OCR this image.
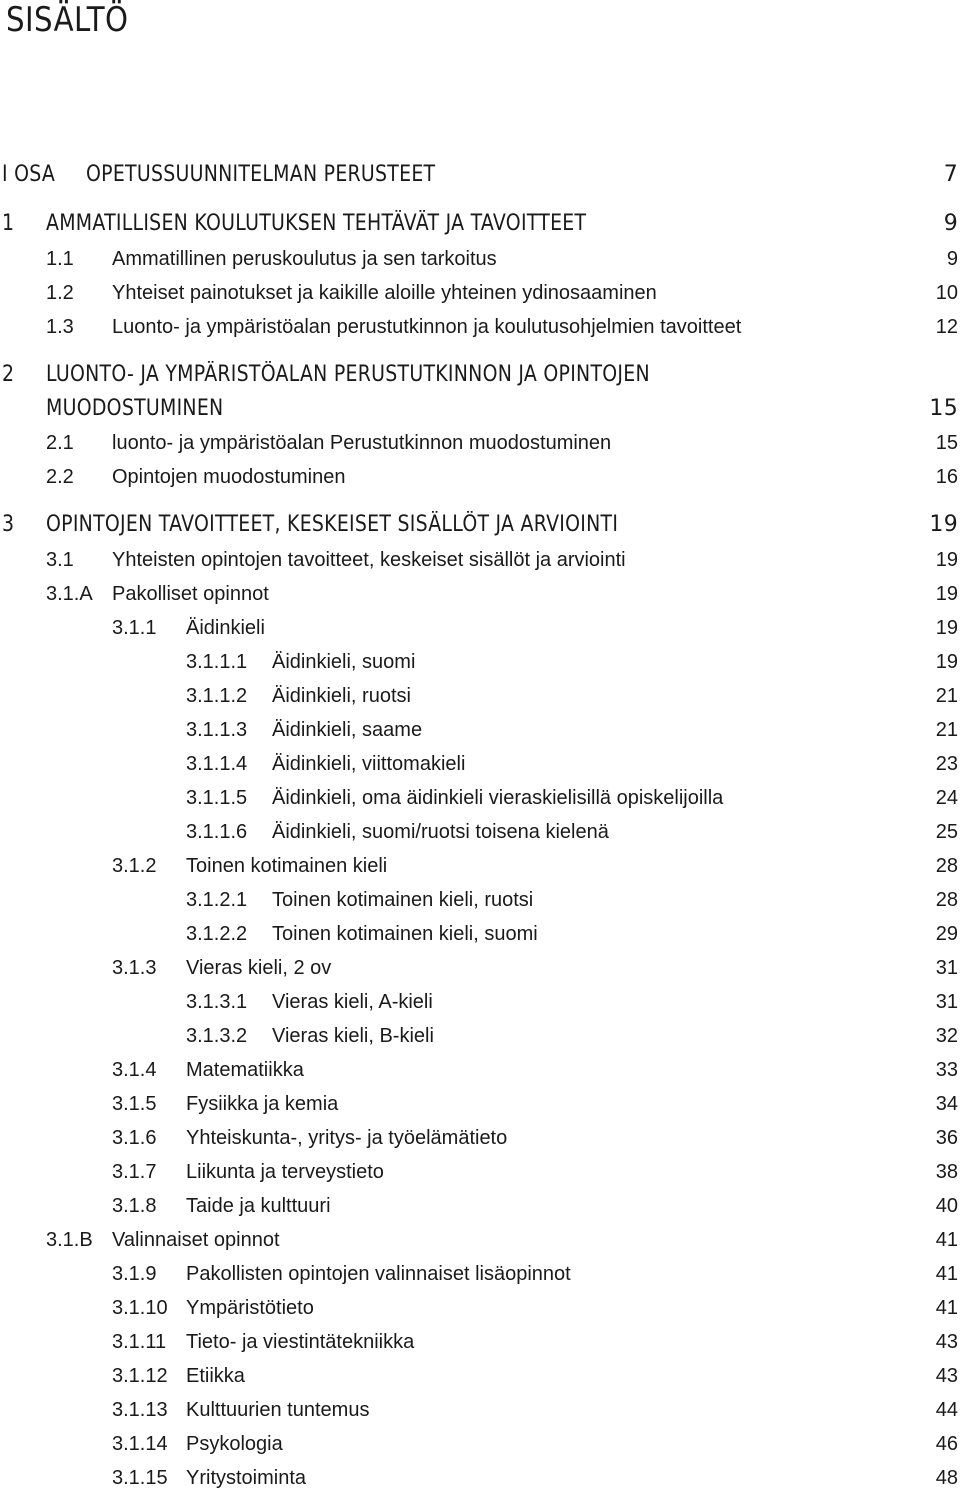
SISÄLTÖ
I OSA OPETUSSUUNNITELMAN PERUSTEET	7
1 AMMATILLISEN KOULUTUKSEN TEHTÄVÄT JA TAVOITTEET	9
1.1 Ammatillinen peruskoulutus ja sen tarkoitus	9
1.2 Yhteiset painotukset ja kaikille aloille yhteinen ydinosaaminen	10
1.3 Luonto- ja ympäristöalan perustutkinnon ja koulutusohjelmien tavoitteet	12
2 LUONTO- JA YMPÄRISTÖALAN PERUSTUTKINNON JA OPINTOJEN
MUODOSTUMINEN	15
2.1 luonto- ja ympäristöalan Perustutkinnon muodostuminen	15
2.2 Opintojen muodostuminen	16
3 OPINTOJEN TAVOITTEET, KESKEISET SISÄLLÖT JA ARVIOINTI	19
3.1 Yhteisten opintojen tavoitteet, keskeiset sisällöt ja arviointi	19
3.1.A Pakolliset opinnot	19
3.1.1 Äidinkieli	19
3.1.1.1 Äidinkieli, suomi	19
3.1.1.2 Äidinkieli, ruotsi	21
3.1.1.3 Äidinkieli, saame	21
3.1.1.4 Äidinkieli, viittomakieli	23
3.1.1.5 Äidinkieli, oma äidinkieli vieraskielisillä opiskelijoilla	24
3.1.1.6 Äidinkieli, suomi/ruotsi toisena kielenä	25
3.1.2 Toinen kotimainen kieli	28
3.1.2.1 Toinen kotimainen kieli, ruotsi	28
3.1.2.2 Toinen kotimainen kieli, suomi	29
3.1.3 Vieras kieli, 2 ov	31
3.1.3.1 Vieras kieli, A-kieli	31
3.1.3.2 Vieras kieli, B-kieli	32
3.1.4 Matematiikka	33
3.1.5 Fysiikka ja kemia	34
3.1.6 Yhteiskunta-, yritys- ja työelämätieto	36
3.1.7 Liikunta ja terveystieto	38
3.1.8 Taide ja kulttuuri	40
3.1.B Valinnaiset opinnot	41
3.1.9 Pakollisten opintojen valinnaiset lisäopinnot	41
3.1.10 Ympäristötieto	41
3.1.11 Tieto- ja viestintätekniikka	43
3.1.12 Etiikka	43
3.1.13 Kulttuurien tuntemus	44
3.1.14 Psykologia	46
3.1.15 Yritystoiminta	48
